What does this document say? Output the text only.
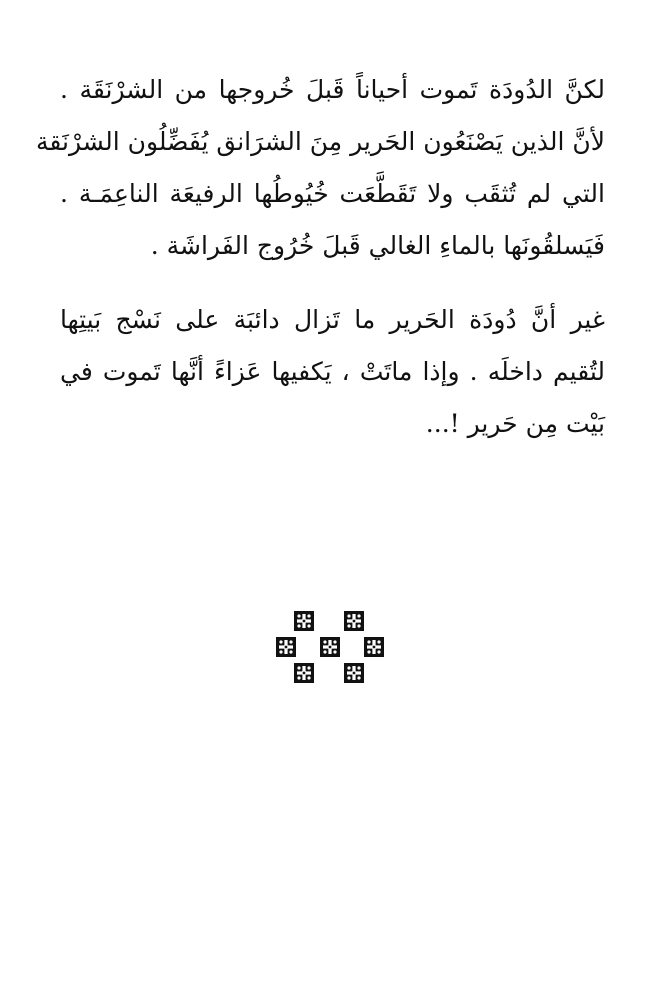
لكنَّ الدُودَة تَموت أحياناً قَبلَ خُروجها من الشرْنَقَة .
لأنَّ الذين يَصْنَعُون الحَرير مِنَ الشرَانق يُفَضِّلُون الشرْنَقة
التي لم تُثقَب ولا تَقَطَّعَت خُيُوطُها الرفيعَة الناعِمَـة .
فَيَسلقُونَها بالماءِ الغالي قَبلَ خُرُوج الفَراشَة .
غير أنَّ دُودَة الحَرير ما تَزال دائبَة على نَسْج بَيتِها
لتُقيم داخلَه . وإذا ماتَتْ ، يَكفيها عَزاءً أنَّها تَموت في
بَيْت مِن حَرير !...
